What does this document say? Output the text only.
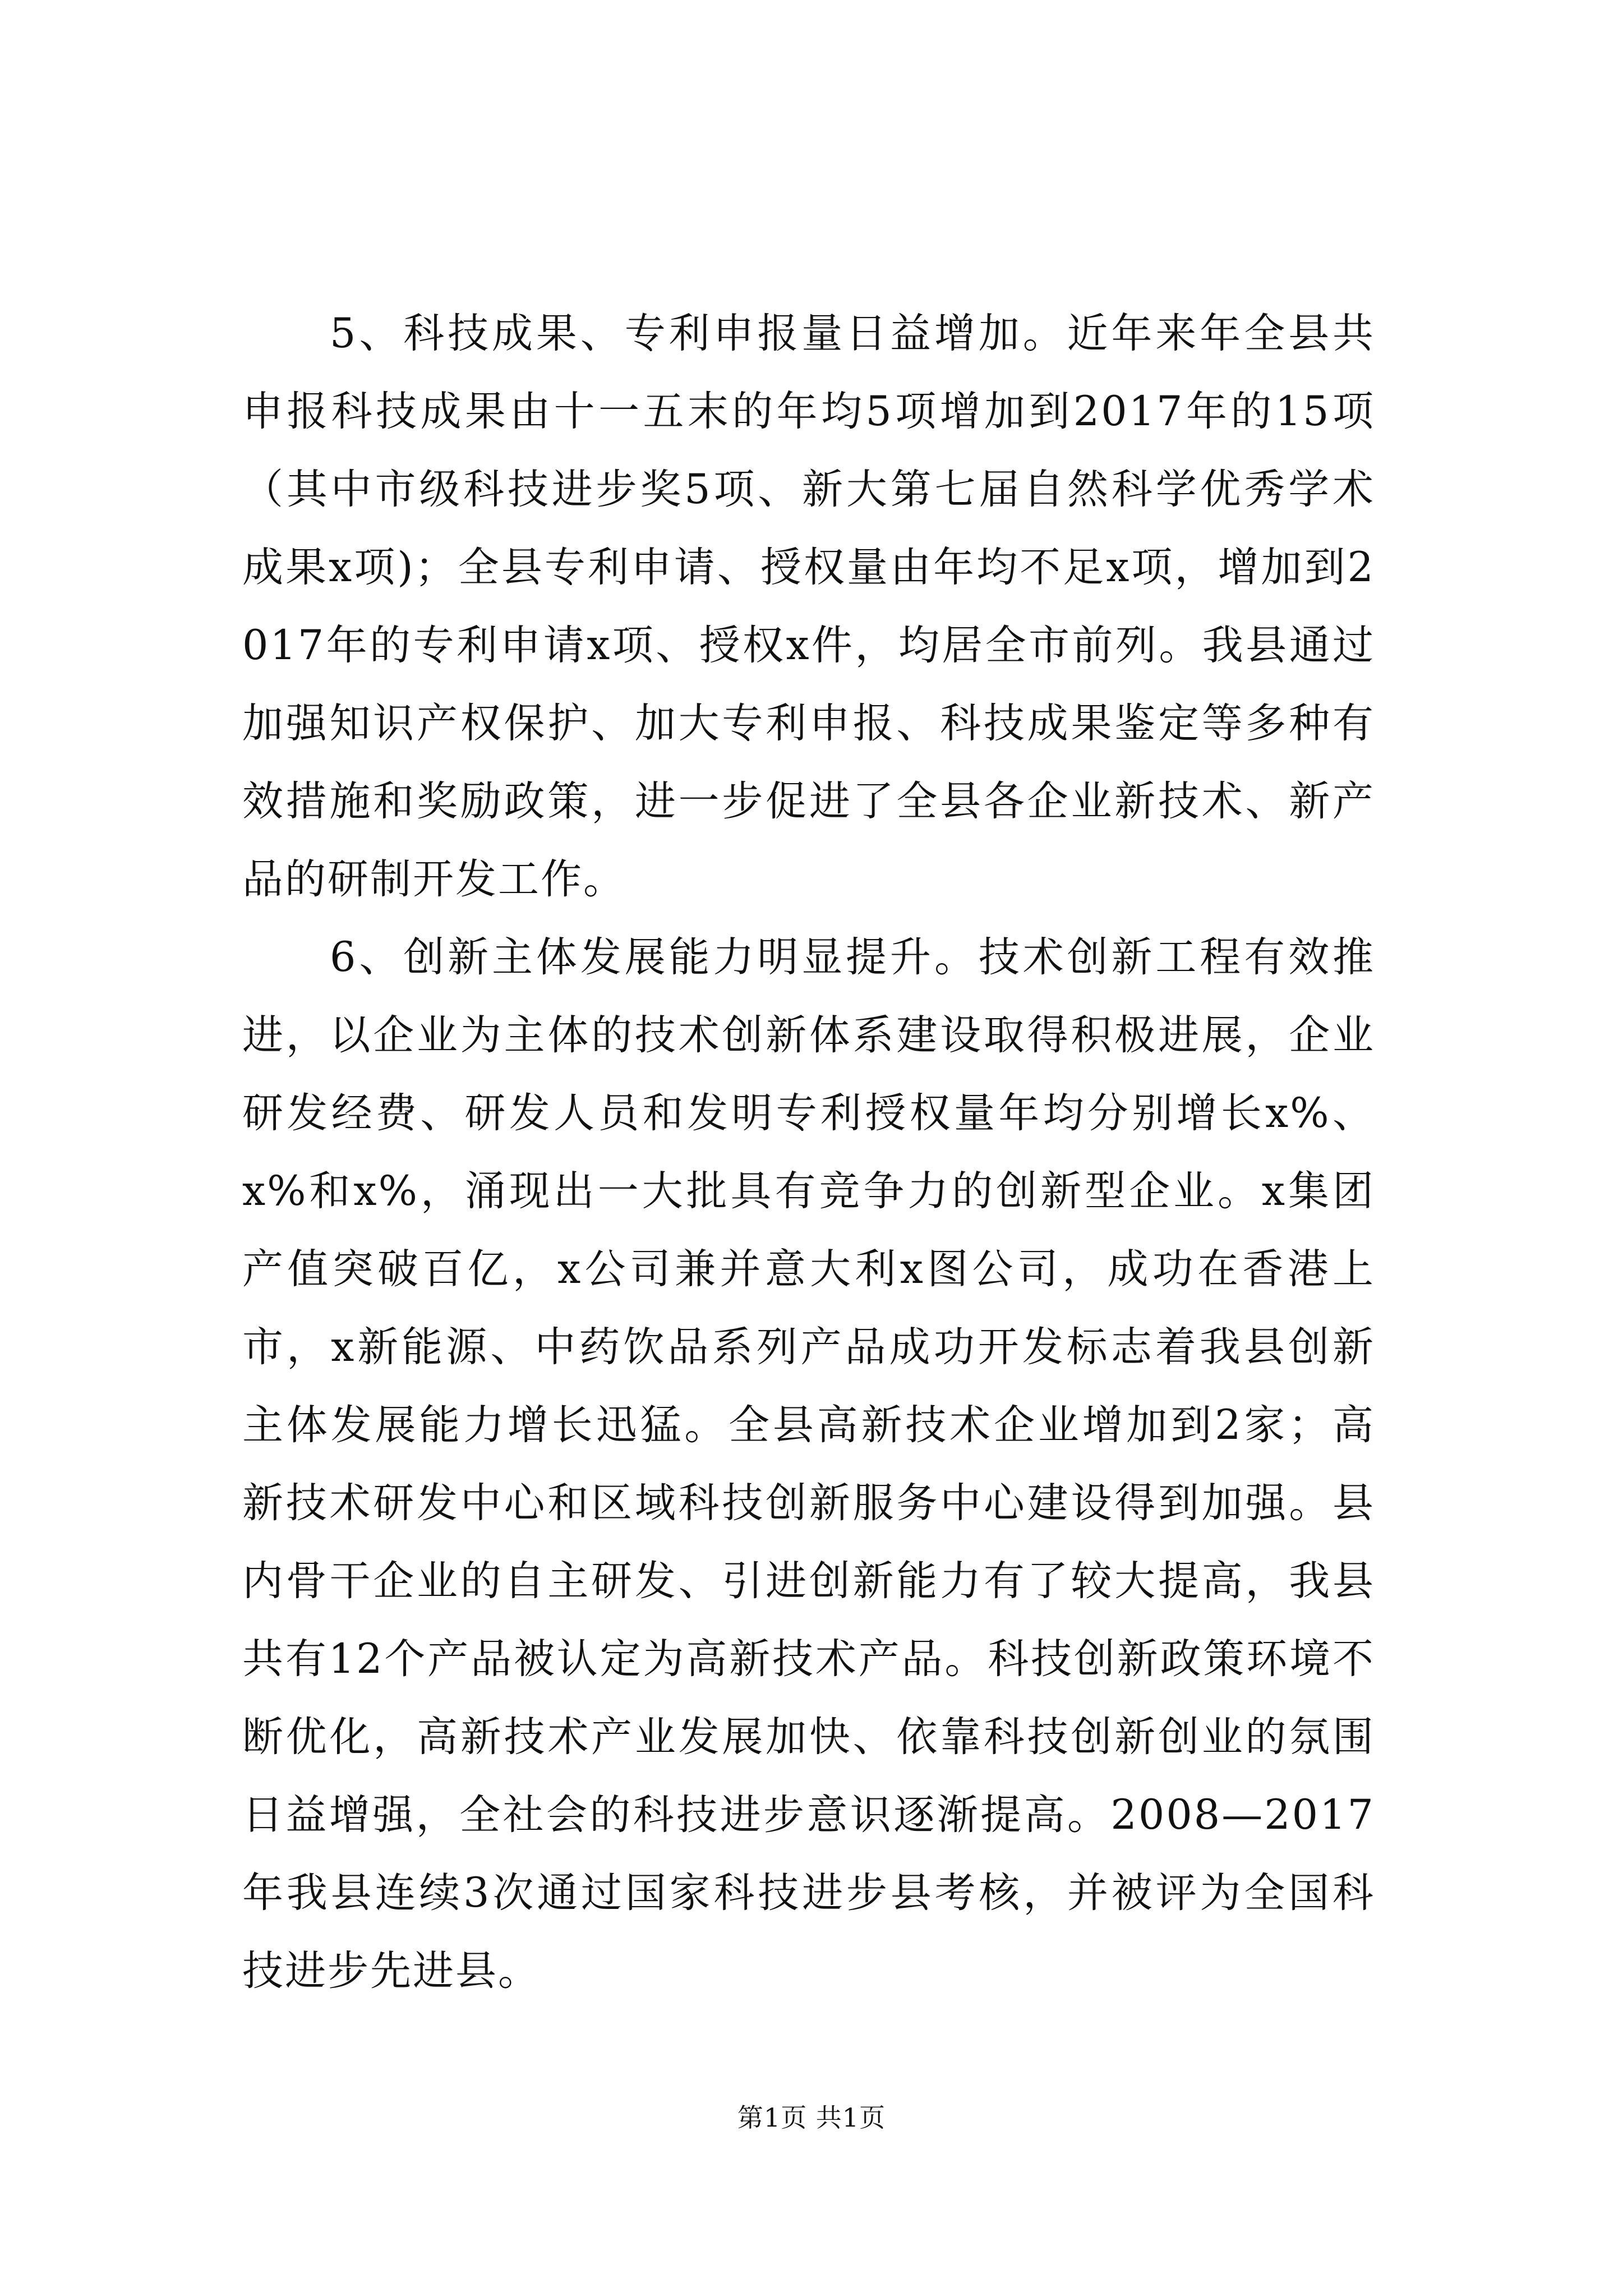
5、科技成果、专利申报量日益增加。近年来年全县共申报科技成果由十一五末的年均5项增加到2017年的15项（其中市级科技进步奖5项、新大第七届自然科学优秀学术成果x项)；全县专利申请、授权量由年均不足x项，增加到2017年的专利申请x项、授权x件，均居全市前列。我县通过加强知识产权保护、加大专利申报、科技成果鉴定等多种有效措施和奖励政策，进一步促进了全县各企业新技术、新产品的研制开发工作。

6、创新主体发展能力明显提升。技术创新工程有效推进，以企业为主体的技术创新体系建设取得积极进展，企业研发经费、研发人员和发明专利授权量年均分别增长x%、x%和x%，涌现出一大批具有竞争力的创新型企业。x集团产值突破百亿，x公司兼并意大利x图公司，成功在香港上市，x新能源、中药饮品系列产品成功开发标志着我县创新主体发展能力增长迅猛。全县高新技术企业增加到2家；高新技术研发中心和区域科技创新服务中心建设得到加强。县内骨干企业的自主研发、引进创新能力有了较大提高，我县共有12个产品被认定为高新技术产品。科技创新政策环境不断优化，高新技术产业发展加快、依靠科技创新创业的氛围日益增强，全社会的科技进步意识逐渐提高。2008—2017年我县连续3次通过国家科技进步县考核，并被评为全国科技进步先进县。

第1页 共1页
